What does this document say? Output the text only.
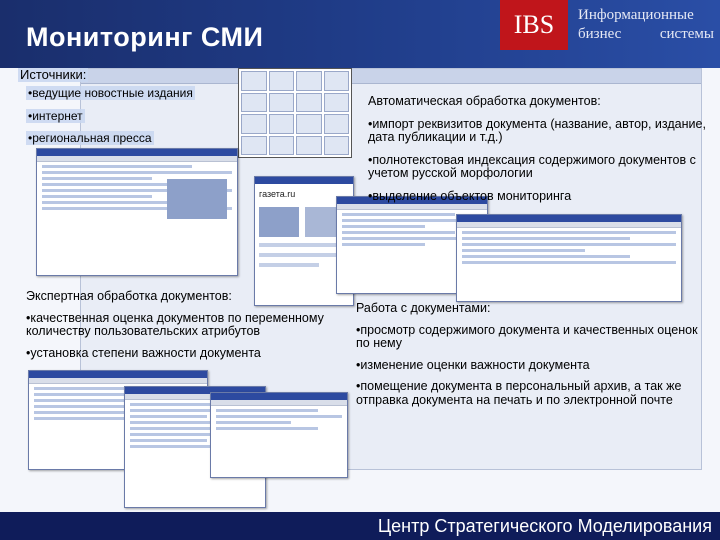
Мониторинг СМИ	IBS	Информационные
бизнес	системы
газета.ru
Источники:
•ведущие новостные издания
•интернет
•региональная пресса

Автоматическая обработка документов:

•импорт реквизитов документа (название, автор, издание, дата публикации и т.д.)

•полнотекстовая индексация содержимого документов с учетом русской морфологии

•выделение объектов мониторинга

Экспертная обработка документов:

•качественная оценка документов по переменному количеству пользовательских атрибутов

•установка степени важности документа

Работа с документами:

•просмотр содержимого документа и качественных оценок по нему

•изменение оценки важности документа

•помещение документа в персональный архив, а так же отправка документа на печать и по электронной почте

Центр Стратегического Моделирования
